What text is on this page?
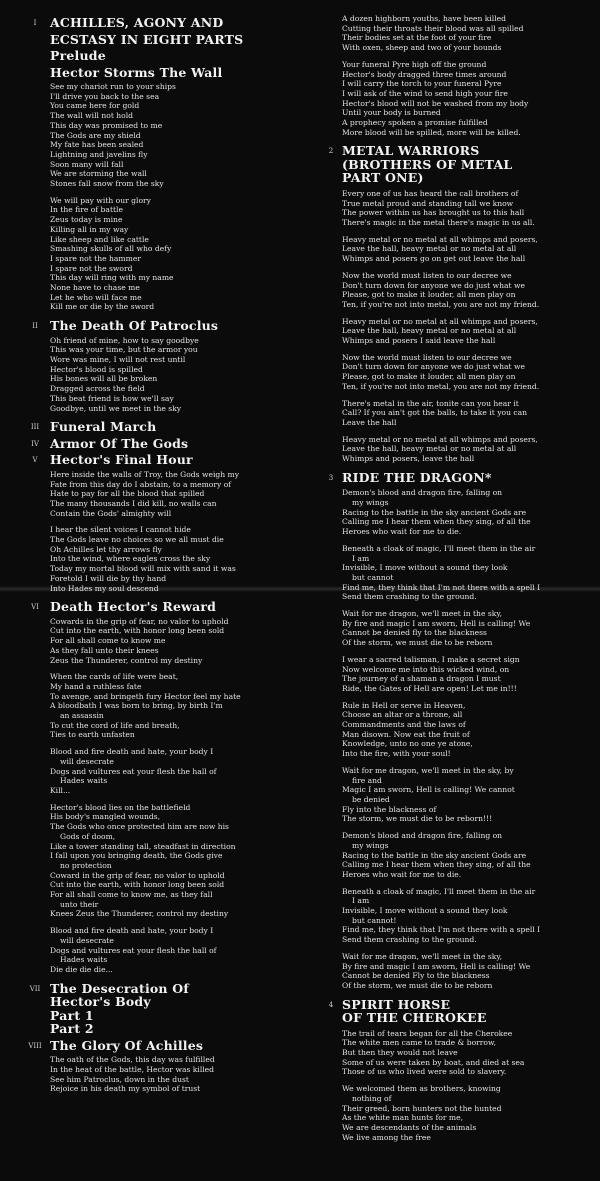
I	ACHILLES, AGONY AND
ECSTASY IN EIGHT PARTS
Prelude
Hector Storms The Wall
See my chariot run to your ships
I'll drive you back to the sea
You came here for gold
The wall will not hold
This day was promised to me
The Gods are my shield
My fate has been sealed
Lightning and javelins fly
Soon many will fall
We are storming the wall
Stones fall snow from the sky
We will pay with our glory
In the fire of battle
Zeus today is mine
Killing all in my way
Like sheep and like cattle
Smashing skulls of all who defy
I spare not the hammer
I spare not the sword
This day will ring with my name
None have to chase me
Let he who will face me
Kill me or die by the sword
II The Death Of Patroclus
Oh friend of mine, how to say goodbye
This was your time, but the armor you
Wore was mine, I will not rest until
Hector's blood is spilled
His bones will all be broken
Dragged across the field
This beat friend is how we'll say
Goodbye, until we meet in the sky
III Funeral March
IV Armor Of The Gods
V Hector's Final Hour
Here inside the walls of Troy, the Gods weigh my
Fate from this day do I abstain, to a memory of
Hate to pay for all the blood that spilled
The many thousands I did kill, no walls can
Contain the Gods' almighty will
I hear the silent voices I cannot hide
The Gods leave no choices so we all must die
Oh Achilles let thy arrows fly
Into the wind, where eagles cross the sky
Today my mortal blood will mix with sand it was
Foretold I will die by thy hand
Into Hades my soul descend
VI Death Hector's Reward
Cowards in the grip of fear, no valor to uphold
Cut into the earth, with honor long been sold
For all shall come to know me
As they fall unto their knees
Zeus the Thunderer, control my destiny
When the cards of life were beat,
My hand a ruthless fate
To avenge, and bringeth fury Hector feel my hate
A bloodbath I was born to bring, by birth I'm
an assassin
To cut the cord of life and breath,
Ties to earth unfasten
Blood and fire death and hate, your body I
will desecrate
Dogs and vultures eat your flesh the hall of
Hades waits
Kill...
Hector's blood lies on the battlefield
His body's mangled wounds,
The Gods who once protected him are now his
Gods of doom,
Like a tower standing tall, steadfast in direction
I fall upon you bringing death, the Gods give
no protection
Coward in the grip of fear, no valor to uphold
Cut into the earth, with honor long been sold
For all shall come to know me, as they fall
unto their
Knees Zeus the Thunderer, control my destiny
Blood and fire death and hate, your body I
will desecrate
Dogs and vultures eat your flesh the hall of
Hades waits
Die die die die...
VII The Desecration Of
Hector's Body
Part 1
Part 2
VIII The Glory Of Achilles
The oath of the Gods, this day was fulfilled
In the heat of the battle, Hector was killed
See him Patroclus, down in the dust
Rejoice in his death my symbol of trust
A dozen highborn youths, have been killed
Cutting their throats their blood was all spilled
Their bodies set at the foot of your fire
With oxen, sheep and two of your hounds
Your funeral Pyre high off the ground
Hector's body dragged three times around
I will carry the torch to your funeral Pyre
I will ask of the wind to send high your fire
Hector's blood will not be washed from my body
Until your body is burned
A prophecy spoken a promise fulfilled
More blood will be spilled, more will be killed.
2 METAL WARRIORS
(BROTHERS OF METAL
PART ONE)
Every one of us has heard the call brothers of
True metal proud and standing tall we know
The power within us has brought us to this hall
There's magic in the metal there's magic in us all.
Heavy metal or no metal at all whimps and posers,
Leave the hall, heavy metal or no metal at all
Whimps and posers go on get out leave the hall
Now the world must listen to our decree we
Don't turn down for anyone we do just what we
Please, got to make it louder, all men play on
Ten, if you're not into metal, you are not my friend.
Heavy metal or no metal at all whimps and posers,
Leave the hall, heavy metal or no metal at all
Whimps and posers I said leave the hall
Now the world must listen to our decree we
Don't turn down for anyone we do just what we
Please, got to make it louder, all men play on
Ten, if you're not into metal, you are not my friend.
There's metal in the air, tonite can you hear it
Call? If you ain't got the balls, to take it you can
Leave the hall
Heavy metal or no metal at all whimps and posers,
Leave the hall, heavy metal or no metal at all
Whimps and posers, leave the hall
3 RIDE THE DRAGON*
Demon's blood and dragon fire, falling on
my wings
Racing to the battle in the sky ancient Gods are
Calling me I hear them when they sing, of all the
Heroes who wait for me to die.
Beneath a cloak of magic, I'll meet them in the air
I am
Invisible, I move without a sound they look
but cannot
Find me, they think that I'm not there with a spell I
Send them crashing to the ground.
Wait for me dragon, we'll meet in the sky,
By fire and magic I am sworn, Hell is calling! We
Cannot be denied fly to the blackness
Of the storm, we must die to be reborn
I wear a sacred talisman, I make a secret sign
Now welcome me into this wicked wind, on
The journey of a shaman a dragon I must
Ride, the Gates of Hell are open! Let me in!!!
Rule in Hell or serve in Heaven,
Choose an altar or a throne, all
Commandments and the laws of
Man disown. Now eat the fruit of
Knowledge, unto no one ye atone,
Into the fire, with your soul!
Wait for me dragon, we'll meet in the sky, by
fire and
Magic I am sworn, Hell is calling! We cannot
be denied
Fly into the blackness of
The storm, we must die to be reborn!!!
Demon's blood and dragon fire, falling on
my wings
Racing to the battle in the sky ancient Gods are
Calling me I hear them when they sing, of all the
Heroes who wait for me to die.
Beneath a cloak of magic, I'll meet them in the air
I am
Invisible, I move without a sound they look
but cannot!
Find me, they think that I'm not there with a spell I
Send them crashing to the ground.
Wait for me dragon, we'll meet in the sky,
By fire and magic I am sworn, Hell is calling! We
Cannot be denied Fly to the blackness
Of the storm, we must die to be reborn
4 SPIRIT HORSE
OF THE CHEROKEE
The trail of tears began for all the Cherokee
The white men came to trade & borrow,
But then they would not leave
Some of us were taken by boat, and died at sea
Those of us who lived were sold to slavery.
We welcomed them as brothers, knowing
nothing of
Their greed, born hunters not the hunted
As the white man hunts for me,
We are descendants of the animals
We live among the free
